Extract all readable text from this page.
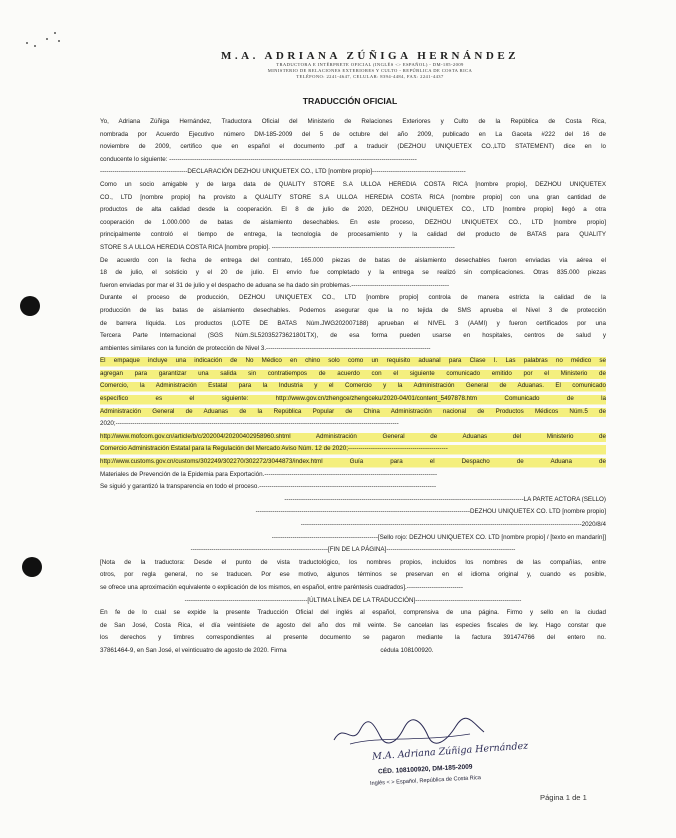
M.A. ADRIANA ZÚÑIGA HERNÁNDEZ
TRADUCTORA E INTÉRPRETE OFICIAL (INGLÉS <> ESPAÑOL) - DM-185-2009
MINISTERIO DE RELACIONES EXTERIORES Y CULTO - REPÚBLICA DE COSTA RICA
TELÉFONO: 2241-4647, CELULAR: 8394-4484, FAX: 2241-4437
TRADUCCIÓN OFICIAL
Yo, Adriana Zúñiga Hernández, Traductora Oficial del Ministerio de Relaciones Exteriores y Culto de la República de Costa Rica,
nombrada por Acuerdo Ejecutivo número DM-185-2009 del 5 de octubre del año 2009, publicado en La Gaceta #222 del 16 de
noviembre de 2009, certifico que en español el documento .pdf a traducir (DEZHOU UNIQUETEX CO.,LTD STATEMENT) dice en lo
conducente lo siguiente: -----------------------------------------------------------------------------------------------------------------------
------------------------------------------DECLARACIÓN DEZHOU UNIQUETEX CO., LTD [nombre propio]---------------------------------------------
Como un socio amigable y de larga data de QUALITY STORE S.A ULLOA HEREDIA COSTA RICA [nombre propio], DEZHOU UNIQUETEX
CO., LTD [nombre propio] ha provisto a QUALITY STORE S.A ULLOA HEREDIA COSTA RICA [nombre propio] con una gran cantidad de
productos de alta calidad desde la cooperación. El 8 de julio de 2020, DEZHOU UNIQUETEX CO., LTD [nombre propio] llegó a otra
cooperación de 1.000.000 de batas de aislamiento desechables. En este proceso, DEZHOU UNIQUETEX CO., LTD [nombre propio]
principalmente controló el tiempo de entrega, la tecnología de procesamiento y la calidad del producto de BATAS para QUALITY
STORE S.A ULLOA HEREDIA COSTA RICA [nombre propio]. ----------------------------------------------------------------------------------------
De acuerdo con la fecha de entrega del contrato, 165.000 piezas de batas de aislamiento desechables fueron enviadas vía aérea el
18 de julio, el solsticio y el 20 de julio. El envío fue completado y la entrega se realizó sin complicaciones. Otras 835.000 piezas
fueron enviadas por mar el 31 de julio y el despacho de aduana se ha dado sin problemas.-----------------------------------------------
Durante el proceso de producción, DEZHOU UNIQUETEX CO., LTD [nombre propio] controla de manera estricta la calidad de la
producción de las batas de aislamiento desechables. Podemos asegurar que la no tejida de SMS aprueba el Nivel 3 de protección
de barrera líquida. Los productos (LOTE DE BATAS Núm.JWG202007188) aprueban el NIVEL 3 (AAMI) y fueron certificados por una
Tercera Parte Internacional (SGS Núm.SL52035273621801TX), de esa forma pueden usarse en hospitales, centros de salud y
ambientes similares con la función de protección de Nivel 3.-------------------------------------------------------------------------------
El empaque incluye una indicación de No Médico en chino solo como un requisito aduanal para Clase I. Las palabras no médico se
agregan para garantizar una salida sin contratiempos de acuerdo con el siguiente comunicado emitido por el Ministerio de
Comercio, la Administración Estatal para la Industria y el Comercio y la Administración General de Aduanas. El comunicado
específico es el siguiente: http://www.gov.cn/zhengce/zhengceku/2020-04/01/content_5497878.htm Comunicado de la
Administración General de Aduanas de la República Popular de China Administración nacional de Productos Médicos Núm.5 de
2020;----------------------------------------------------------------------------------------------------------------------------------------
http://www.mofcom.gov.cn/article/b/c/202004/20200402958960.shtml Administración General de Aduanas del Ministerio de
Comercio Administración Estatal para la Regulación del Mercado Aviso Núm. 12 de 2020;------------------------------------------------
http://www.customs.gov.cn/customs/302249/302270/302272/3044873/index.html Guía para el Despacho de Aduana de
Materiales de Prevención de la Epidemia para Exportación.-----------------------------------------------------------------------------------
Se siguió y garantizó la transparencia en todo el proceso.-------------------------------------------------------------------------------------
-------------------------------------------------------------------------------------------------------------------LA PARTE ACTORA (SELLO)
-------------------------------------------------------------------------------------------------------DEZHOU UNIQUETEX CO. LTD [nombre propio]
---------------------------------------------------------------------------------------------------------------------------------------2020/8/4
---------------------------------------------------[Sello rojo: DEZHOU UNIQUETEX CO. LTD [nombre propio] / [texto en mandarín]]
------------------------------------------------------------------[FIN DE LA PÁGINA]--------------------------------------------------------------
[Nota de la traductora: Desde el punto de vista traductológico, los nombres propios, incluidos los nombres de las compañías, entre
otros, por regla general, no se traducen. Por ese motivo, algunos términos se preservan en el idioma original y, cuando es posible,
se ofrece una aproximación equivalente o explicación de los mismos, en español, entre paréntesis cuadrados].---------------------------
-----------------------------------------------------------[ÚLTIMA LÍNEA DE LA TRADUCCIÓN]---------------------------------------------------
En fe de lo cual se expide la presente Traducción Oficial del inglés al español, comprensiva de una página. Firmo y sello en la ciudad
de San José, Costa Rica, el día veintisiete de agosto del año dos mil veinte. Se cancelan las especies fiscales de ley. Hago constar que
los derechos y timbres correspondientes al presente documento se pagaron mediante la factura 391474766 del entero no.
37861464-9, en San José, el veinticuatro de agosto de 2020. Firma                                                      cédula 108100920.
M.A. Adriana Zúñiga Hernández
CÉD. 108100920, DM-185-2009
Inglés < > Español, República de Costa Rica
Página 1 de 1
